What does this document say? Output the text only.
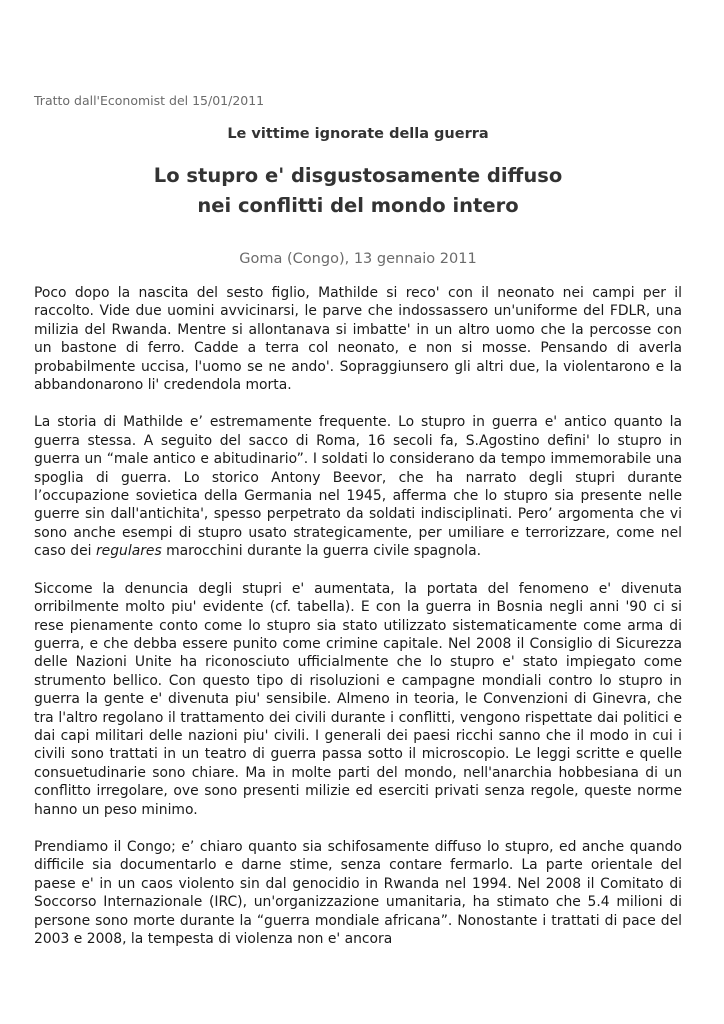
Tratto dall'Economist del 15/01/2011
Le vittime ignorate della guerra
Lo stupro e' disgustosamente diffuso
nei conflitti del mondo intero
Goma (Congo), 13 gennaio 2011

Poco dopo la nascita del sesto figlio, Mathilde si reco' con il neonato nei campi per il raccolto. Vide due uomini avvicinarsi, le parve che indossassero un'uniforme del FDLR, una milizia del Rwanda. Mentre si allontanava si imbatte' in un altro uomo che la percosse con un bastone di ferro. Cadde a terra col neonato, e non si mosse. Pensando di averla probabilmente uccisa, l'uomo se ne ando'. Sopraggiunsero gli altri due, la violentarono e la abbandonarono li' credendola morta.

La storia di Mathilde e’ estremamente frequente. Lo stupro in guerra e' antico quanto la guerra stessa. A seguito del sacco di Roma, 16 secoli fa, S.Agostino defini' lo stupro in guerra un “male antico e abitudinario”. I soldati lo considerano da tempo immemorabile una spoglia di guerra. Lo storico Antony Beevor, che ha narrato degli stupri durante l’occupazione sovietica della Germania nel 1945, afferma che lo stupro sia presente nelle guerre sin dall'antichita', spesso perpetrato da soldati indisciplinati. Pero’ argomenta che vi sono anche esempi di stupro usato strategicamente, per umiliare e terrorizzare, come nel caso dei regulares marocchini durante la guerra civile spagnola.

Siccome la denuncia degli stupri e' aumentata, la portata del fenomeno e' divenuta orribilmente molto piu' evidente (cf. tabella). E con la guerra in Bosnia negli anni '90 ci si rese pienamente conto come lo stupro sia stato utilizzato sistematicamente come arma di guerra, e che debba essere punito come crimine capitale. Nel 2008 il Consiglio di Sicurezza delle Nazioni Unite ha riconosciuto ufficialmente che lo stupro e' stato impiegato come strumento bellico. Con questo tipo di risoluzioni e campagne mondiali contro lo stupro in guerra la gente e' divenuta piu' sensibile. Almeno in teoria, le Convenzioni di Ginevra, che tra l'altro regolano il trattamento dei civili durante i conflitti, vengono rispettate dai politici e dai capi militari delle nazioni piu' civili. I generali dei paesi ricchi sanno che il modo in cui i civili sono trattati in un teatro di guerra passa sotto il microscopio. Le leggi scritte e quelle consuetudinarie sono chiare. Ma in molte parti del mondo, nell'anarchia hobbesiana di un conflitto irregolare, ove sono presenti milizie ed eserciti privati senza regole, queste norme hanno un peso minimo.

Prendiamo il Congo; e’ chiaro quanto sia schifosamente diffuso lo stupro, ed anche quando difficile sia documentarlo e darne stime, senza contare fermarlo. La parte orientale del paese e' in un caos violento sin dal genocidio in Rwanda nel 1994. Nel 2008 il Comitato di Soccorso Internazionale (IRC), un'organizzazione umanitaria, ha stimato che 5.4 milioni di persone sono morte durante la “guerra mondiale africana”. Nonostante i trattati di pace del 2003 e 2008, la tempesta di violenza non e' ancora
